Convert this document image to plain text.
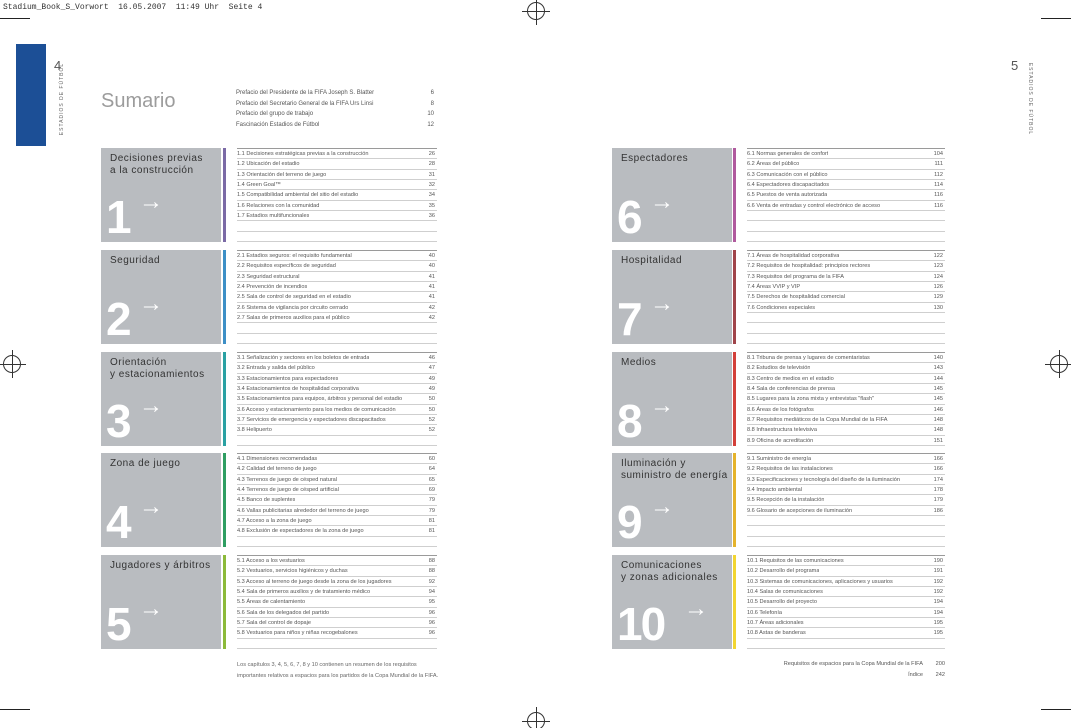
Stadium_Book_S_Vorwort  16.05.2007  11:49 Uhr  Seite 4
4	5
ESTADIOS DE FÚTBOL	ESTADIOS DE FÚTBOL
Sumario	Prefacio del Presidente de la FIFA Joseph S. Blatter	6
Prefacio del Secretario General de la FIFA Urs Linsi	8
Prefacio del grupo de trabajo	10
Fascinación Estadios de Fútbol	12
Decisiones previas
a la construcción
1 →
1.1 Decisiones estratégicas previas a la construcción	26
1.2 Ubicación del estadio	28
1.3 Orientación del terreno de juego	31
1.4 Green Goal™	32
1.5 Compatibilidad ambiental del sitio del estadio	34
1.6 Relaciones con la comunidad	35
1.7 Estadios multifuncionales	36
Seguridad
2 →
2.1 Estadios seguros: el requisito fundamental	40
2.2 Requisitos específicos de seguridad	40
2.3 Seguridad estructural	41
2.4 Prevención de incendios	41
2.5 Sala de control de seguridad en el estadio	41
2.6 Sistema de vigilancia por circuito cerrado	42
2.7 Salas de primeros auxilios para el público	42
Orientación
y estacionamientos
3 →
3.1 Señalización y sectores en los boletos de entrada	46
3.2 Entrada y salida del público	47
3.3 Estacionamientos para espectadores	49
3.4 Estacionamientos de hospitalidad corporativa	49
3.5 Estacionamientos para equipos, árbitros y personal del estadio	50
3.6 Acceso y estacionamiento para los medios de comunicación	50
3.7 Servicios de emergencia y espectadores discapacitados	52
3.8 Helipuerto	52
Zona de juego
4 →
4.1 Dimensiones recomendadas	60
4.2 Calidad del terreno de juego	64
4.3 Terrenos de juego de césped natural	65
4.4 Terrenos de juego de césped artificial	69
4.5 Banco de suplentes	79
4.6 Vallas publicitarias alrededor del terreno de juego	79
4.7 Acceso a la zona de juego	81
4.8 Exclusión de espectadores de la zona de juego	81
Jugadores y árbitros
5 →
5.1 Acceso a los vestuarios	88
5.2 Vestuarios, servicios higiénicos y duchas	88
5.3 Acceso al terreno de juego desde la zona de los jugadores	92
5.4 Sala de primeros auxilios y de tratamiento médico	94
5.5 Áreas de calentamiento	95
5.6 Sala de los delegados del partido	96
5.7 Sala del control de dopaje	96
5.8 Vestuarios para niños y niñas recogebalones	96
Espectadores
6 →
6.1 Normas generales de confort	104
6.2 Áreas del público	111
6.3 Comunicación con el público	112
6.4 Espectadores discapacitados	114
6.5 Puestos de venta autorizada	116
6.6 Venta de entradas y control electrónico de acceso	116
Hospitalidad
7 →
7.1 Áreas de hospitalidad corporativa	122
7.2 Requisitos de hospitalidad: principios rectores	123
7.3 Requisitos del programa de la FIFA	124
7.4 Áreas VVIP y VIP	126
7.5 Derechos de hospitalidad comercial	129
7.6 Condiciones especiales	130
Medios
8 →
8.1 Tribuna de prensa y lugares de comentaristas	140
8.2 Estudios de televisión	143
8.3 Centro de medios en el estadio	144
8.4 Sala de conferencias de prensa	145
8.5 Lugares para la zona mixta y entrevistas "flash"	145
8.6 Áreas de los fotógrafos	146
8.7 Requisitos mediáticos de la Copa Mundial de la FIFA	148
8.8 Infraestructura televisiva	148
8.9 Oficina de acreditación	151
Iluminación y
suministro de energía
9 →
9.1 Suministro de energía	166
9.2 Requisitos de las instalaciones	166
9.3 Especificaciones y tecnología del diseño de la iluminación	174
9.4 Impacto ambiental	178
9.5 Recepción de la instalación	179
9.6 Glosario de acepciones de iluminación	186
Comunicaciones
y zonas adicionales
10 →
10.1 Requisitos de las comunicaciones	190
10.2 Desarrollo del programa	191
10.3 Sistemas de comunicaciones, aplicaciones y usuarios	192
10.4 Salas de comunicaciones	192
10.5 Desarrollo del proyecto	194
10.6 Telefonía	194
10.7 Áreas adicionales	195
10.8 Astas de banderas	195
Los capítulos 3, 4, 5, 6, 7, 8 y 10 contienen un resumen de los requisitos
importantes relativos a espacios para los partidos de la Copa Mundial de la FIFA.
Requisitos de espacios para la Copa Mundial de la FIFA 200
Índice 242
